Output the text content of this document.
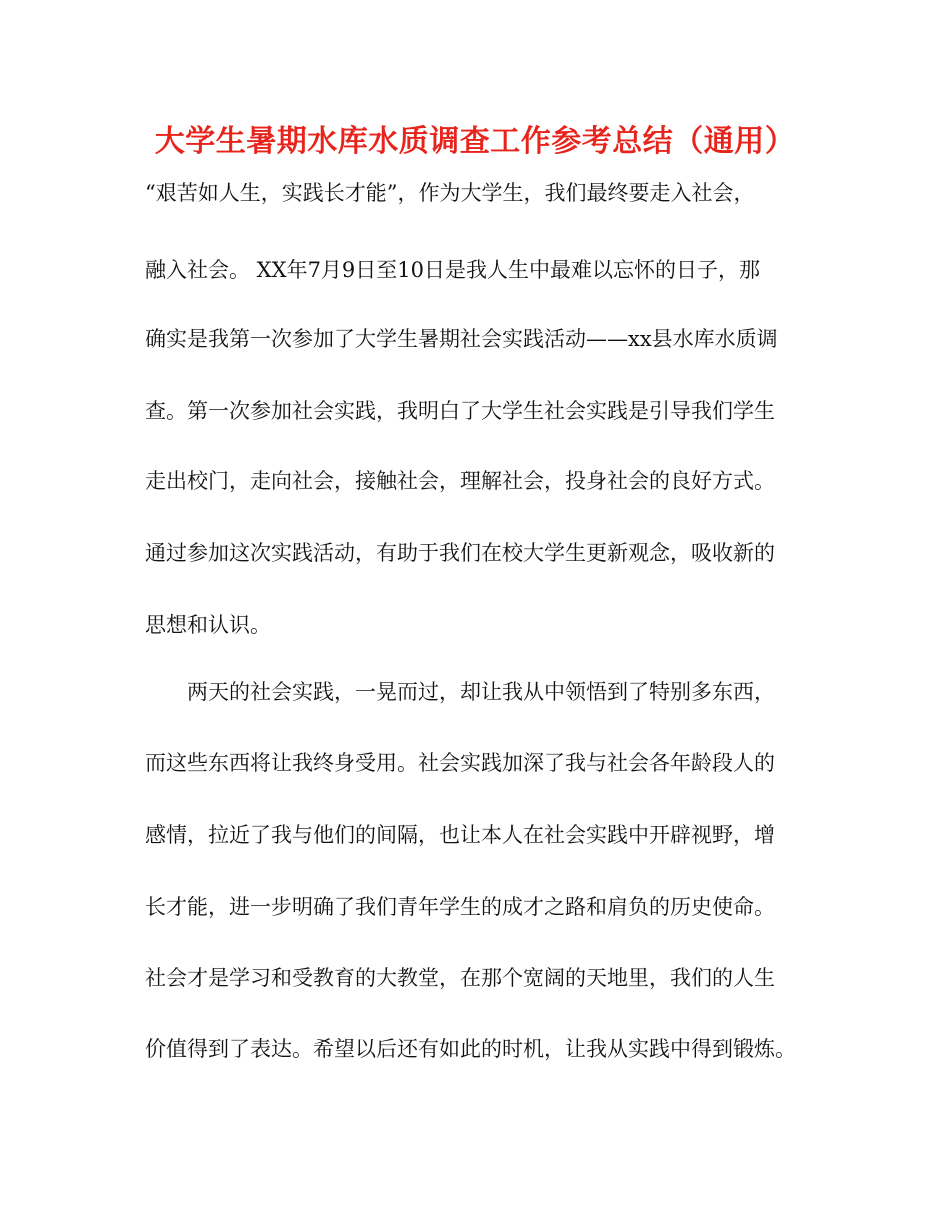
大学生暑期水库水质调查工作参考总结（通用）
“艰苦如人生，实践长才能”，作为大学生，我们最终要走入社会，
融入社会。 XX年7月9日至10日是我人生中最难以忘怀的日子，那
确实是我第一次参加了大学生暑期社会实践活动——xx县水库水质调
查。第一次参加社会实践，我明白了大学生社会实践是引导我们学生
走出校门，走向社会，接触社会，理解社会，投身社会的良好方式。
通过参加这次实践活动，有助于我们在校大学生更新观念，吸收新的
思想和认识。
两天的社会实践，一晃而过，却让我从中领悟到了特别多东西，
而这些东西将让我终身受用。社会实践加深了我与社会各年龄段人的
感情，拉近了我与他们的间隔，也让本人在社会实践中开辟视野，增
长才能，进一步明确了我们青年学生的成才之路和肩负的历史使命。
社会才是学习和受教育的大教堂，在那个宽阔的天地里，我们的人生
价值得到了表达。希望以后还有如此的时机，让我从实践中得到锻炼。
